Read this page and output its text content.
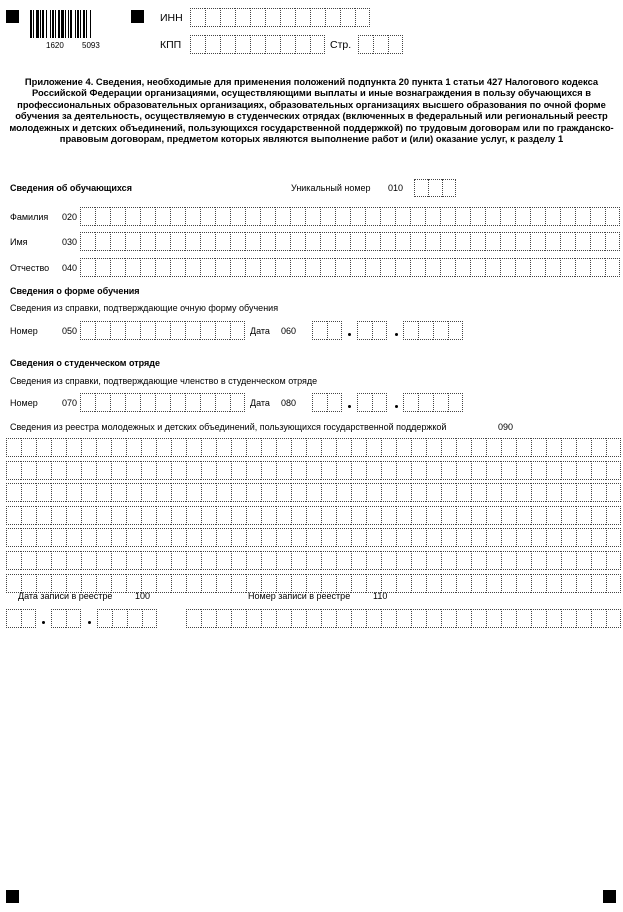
1620 5093
ИНН
КПП	Стр.
Приложение 4. Сведения, необходимые для применения положений подпункта 20 пункта 1 статьи 427 Налогового кодекса Российской Федерации организациями, осуществляющими выплаты и иные вознаграждения в пользу обучающихся в профессиональных образовательных организациях, образовательных организациях высшего образования по очной форме обучения за деятельность, осуществляемую в студенческих отрядах (включенных в федеральный или региональный реестр молодежных и детских объединений, пользующихся государственной поддержкой) по трудовым договорам или по гражданско-правовым договорам, предметом которых являются выполнение работ и (или) оказание услуг, к разделу 1
Сведения об обучающихся	Уникальный номер 010
Фамилия 020
Имя	030
Отчество 040
Сведения о форме обучения
Сведения из справки, подтверждающие очную форму обучения
Номер	050	Дата 060
Сведения о студенческом отряде
Сведения из справки, подтверждающие членство в студенческом отряде
Номер	070	Дата 080
Сведения из реестра молодежных и детских объединений, пользующихся государственной поддержкой	090
Дата записи в реестре	100	Номер записи в реестре	110
